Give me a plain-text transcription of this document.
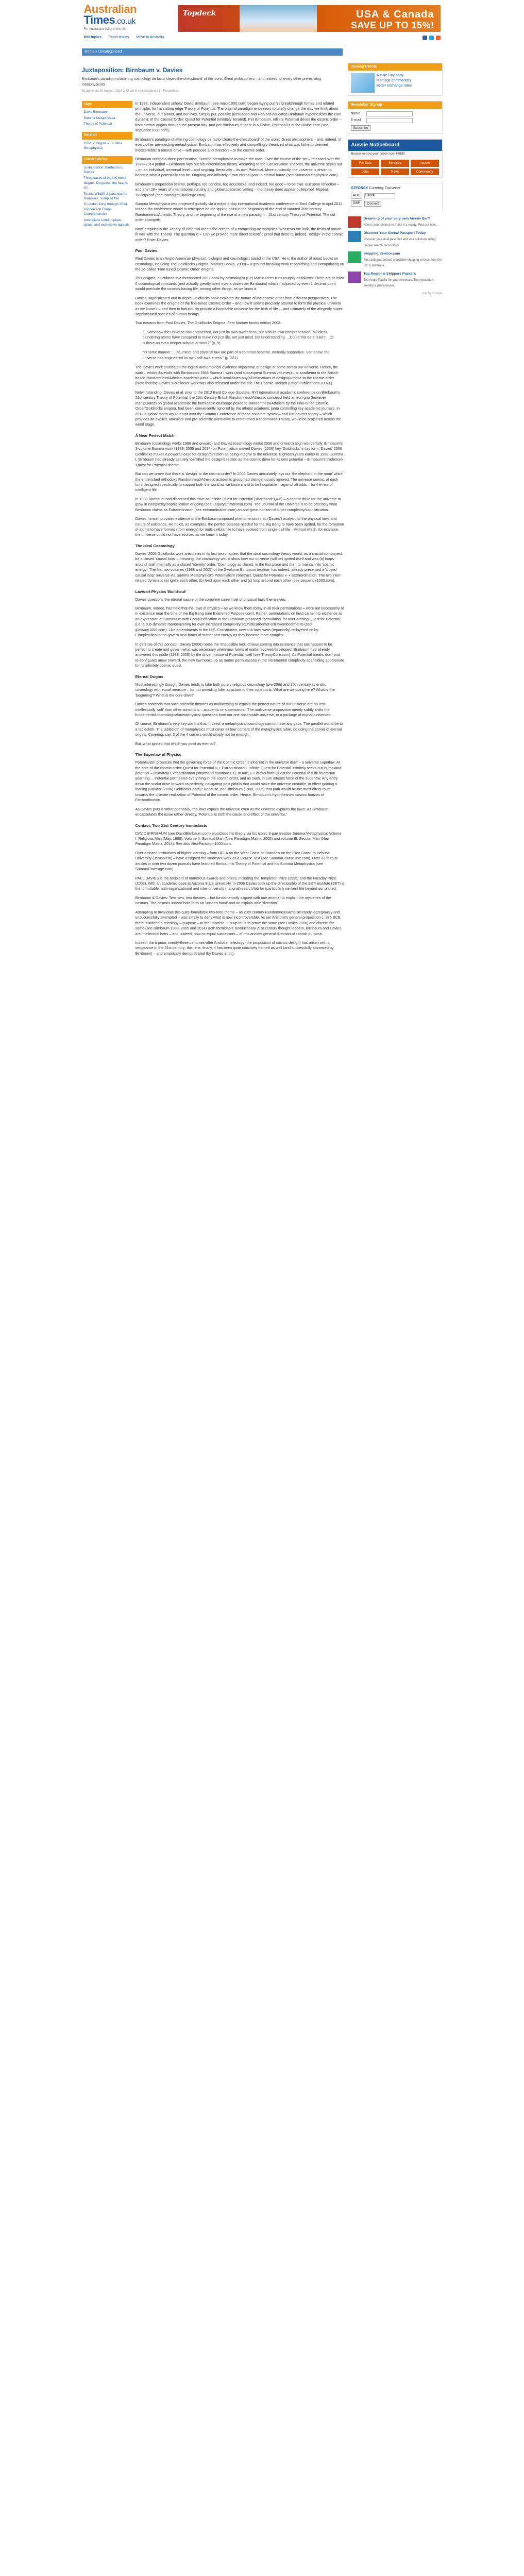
Australian
Times.co.uk
For Australians living in the UK
Topdeck	USA & Canada
SAVE UP TO 15%!
Hot topics Expat issues Move to Australia
Home » Uncategorised
Juxtaposition: Birnbaum v. Davies
Birnbaum's paradigm-shattering cosmology de facto 'clears-the-chessboard' of the iconic Great philosophers – and, indeed, of every other pre-existing metaphysicists.
By admin on 20 August, 2014 3:42 am in Uncategorised | 0 Responses
Tags
David Birnbaum
Summa Metaphysica
Theory of Potential
Related
Cosmic Origins & Summa Metaphysica
Latest Stories
Juxtaposition: Birnbaum v. Davies
Three cases of the UK home fatigue: 'Do guess, the heat is on'
Tourist Wildlife & pass via the Ramblers: 'Jump' to flat.
3 London living through 2014 London Top Fringe Comprehensive
Australians London plans splash and expressive appeals

In 1988, independent scholar David Birnbaum (see major1000.com) began laying out his breakthrough formal and related principles for his cutting edge Theory of Potential. The original paradigm endeavors to briefly change the way we think about the universe, our planet, and our lives. Simply put, positive persuaded and Harvard-educated Birnbaum hypothesizes the core dynamic of the Cosmic Order: Quest for Potential (infinitely iterated). Per Birnbaum, infinite Potential drives the cosmic order – from eternal origins through the present day. And per Birnbaum, if there is a Divine, Potential is at the Divine core (see sequence1000.com).

Birnbaum's paradigm-shattering cosmology de facto 'clears-the-chessboard' of the iconic Great philosophers – and, indeed, of every other pre-existing metaphysical. Birnbaum has effectively and compellingly theorized what was hitherto deemed indiscernible: a natural drive – with purpose and direction – to the cosmic order.

Birnbaum crafted a three-part treatise, Summa Metaphysica to make the case. Over the course of the set – released over the 1988–2014 period – Birnbaum lays out his Potentialism theory. According to the Conservation Theorist, the universe seeks out – on an individual, universal level – and ongoing. Iteratively – its own Potential. More succinctly, the universe is driven to become what it potentially can be. Ongoing and infinitely. From eternal past to eternal future (see SummaMetaphysica.com).

Birnbaum's proposition seems, perhaps, too concise, too accessible, and indeed, too good – to be true. But upon reflection – and after 20+ years of international scrutiny and global academic vetting – the theory does appear bulletproof. Repeat: 'Bulletproof' (see ParadigmChallenge.com).

Summa Metaphysica was projected globally via a major 4-day international Academic conference at Bard College in April 2012. Indeed the conference would in retrospect be the tipping point in the beginning-of-the-end of vaunted 20th century Randomness/Atheistic Theory, and the beginning of the rise of a new paradigm – 21st century Theory of Potential. The cut order changeth.

Now, empirically the Theory of Potential meets the criteria of a compelling metaphysics. Wherever we look, the fields of nature fit well with the Theory. The question is – Can we provide more direct scientific proof that there is, indeed, 'design' in the cosmic order? Enter Davies.

Paul Davies

Paul Davies is an Anglo-American physicist, biologist and cosmologist based in the USA. He is the author of noted books on cosmology, including The Goldilocks Enigma (Mariner Books, 2008) – a ground-breaking work researching and extrapolating on the so-called 'Fine-tuned Cosmic Order' enigma.

This enigma, elucidated in a foreshorted 2007 book by cosmologist (Sir) Martin Rees runs roughly as follows: There are at least 6 cosmological constants (and actually greatly over) over a dozen per Birnbaum) which if adjusted by even 1 decimal point would preclude the cosmos having life, among other things, as we know it.

Davies' sophisticated and in-depth Goldilocks book explores the nature of the cosmic order from different perspectives. The book examines the enigma of the fine-tuned Cosmic Order – and how it seems precisely attuned to form the physical universe as we know it – and then to fortuitously provide a hospitable universe for the birth of life ... and ultimately of the allegedly super-sophisticated species of human beings.

Two extracts from Paul Davies, The Goldilocks Enigma. First Mariner books edition 2008:

"...Somehow the universe has engineered, not just its own awareness, but also its own comprehension. Mindless, blundering atoms have conspired to make not just life, not just mind, but understanding. ...Could this be a fluke? ...Or is there an even deeper subplot at work?" (p. 5)
"In some manner ... life, mind, and physical law are part of a common scheme, mutually supportive. Somehow, the universe has engineered its own self-awareness." (p. 231)

The Davies work elucidates the logical and empirical evidence imperative of design of some sort to our universe. Hence, the work – which dovetails with Birnbaum's 1988 Summa I work (and subsequent Summa volumes) – is anathema to the British-based Randomness/Atheism academic junta – which invalidates any/all intimations of design/purpose to the cosmic order. (Note that the Davies 'Goldilocks' work was also released under the title The Cosmic Jackpot (Orion Publications 2007).)

Notwithstanding, Davies et al. prior to the 2012 Bard College (Upstate, NY) international academic conference on Birnbaum's 21st century Theory of Potential, the 20th Century British Randomness/Atheistic construct held an iron grip (however manipulated) on global academia: the formidable challenge posed to Randomness/Atheism by the Fine-tuned Cosmic Order/Goldilocks enigma, had been 'conveniently' ignored by the atheist academic junta controlling key academic journals. In 2012 a global storm would erupt over the Summa Conference of those concrete syntax – and Birnbaum's theory – which provides an explicit, articulate and pro-scientific alternative to entrenched Randomness Theory, would be projected across the world stage.

A Near Perfect Match

Birnbaum (cosmology works 1988 and onward) and Davies (cosmology works 2006 and onward) align wonderfully. Birnbaum's 3-volume Summa work (1988, 2005 and 2014) on Potentialism moved Davies (2006) key 'Goldilocks' in lay form: Davies' 2006 Goldilocks makes a powerful case for design/direction as being integral to the universe. Eighteen years earlier in 1988, Summa I, Birnbaum had already astutely identified the design/direction as the cosmic drive for its own potential – Birnbaum's trademark 'Quest for Potential' theme.

But can we prove that there is 'design' to the cosmic order? In 2006 Davies articulately lays out 'the elephant in the room' which the entrenched orthodoxy Randomness/Atheistic academic group had disingenuously ignored. The universe seems, at each turn, designed specifically to support both the world as we know it and to be hospitable – against all odds – for the rise of intelligent life.

In 1988 Birnbaum had discerned this drive as infinite Quest for Potential (shorthand: Q4P) – a cosmic drive for the universe to grow in complexity/sophistication ongoing (see LegacyOfPotential.com). The Journal of the Universe is to be precisely what Birnbaum claims as Extraordination (see extraordination.com) an anti-great horizon of super complexity/sophistication.

Davies himself provides evidence of the Birnbaum-proposed phenomenon in his (Davies') analysis of the physical laws and nature of existence. He holds, as examples, the perfect balance needed for the Big Bang to have been ignited, for the formation of atoms to have formed (from energy) for multi-cellular life to have evolved from single-cell life – without which, for example, the universe could not have evolved as we know it today.

The Ideal Cosmology

Davies' 2006 Goldilocks work articulates in its last two chapters that the ideal cosmology theory would, as a crucial component, be a closed 'causal loop' – meaning, the cosmology would show how our universe (will be) ignited itself and was (b) loops-around itself internally as a closed 'eternity' order. 'Cosmology as closed: in the first place and then to maintain' its 'cosmic energy'. The first two volumes (1988 and 2005) of the 3-volume Birnbaum treatise, has indeed, already presented a 'closed causal loop' universe via Summa Metaphysica's Potentialism construct. Quest for Potential ∞ + Extraordination. The two inter-related dynamics (a) ignite each other, (b) feed upon each other and (c) loop around each other (see sequence1000.com).

Laws-of-Physics 'Build-out'

Davies questions the eternal nature of the complete current set of physical laws themselves.

Birnbaum, indeed, has held that the laws of physics – as we know them today in all their permutations – were not necessarily all in existence near the time of the Big Bang (see ExamineofPurpose.com). Rather, permutations on laws came into existence as an expression of Continuum with Complexification in the Birnbaum-proposed 'formulation' for over-arching Quest for Potential; (i.e. a sub-dynamic manoeuvering for ever-increased complexity/sophistication/ref-ertility/embodiments (see glossary1000.com). Like amendments to the U.S. Constitution, new sub-laws were (reportedly) re-layered on by Complexification to govern new forms of matter and energy as they became more complex.

In defense of this concept, Davies (2006) notes the 'impossible luck' of laws coming into existence that just happen to be perfect to create and govern what was necessary when new forms of matter evolved/developed. Birnbaum had already answered this riddle (1988, 2005) by the driven nature of Potential itself (see TheoryCore.com). As Potential breaks itself and re-configures anew onward, the new law hooks-up as matter permutations in the incremental complexity-scaffolding appropriate for its infinitely cosmic quest.

Eternal Origins

Most interestingly though, Davies tends to take both purely religious cosmology (pre-20th) and 20th century scientific cosmology with equal measure – for not providing fuller structure to their constructs. What are we doing here? What is the 'beginning'? What is the core drive?

Davies contends that such scientific theories as multiversing to explain the perfect nature of our universe are no less intellectually 'soft' than other constructs – academic or supernatural. The multiverse proposition merely subtly shifts the fundamental cosmological/metaphysical questions from our one observable universe, to a package of myriad universes.

Of course, Birnbaum's very key point is that, indeed, a metaphysics/cosmology cannot have any gaps. The parallel would be to a tablecloth. The tablecloth of metaphysics must cover all four corners of the metaphysics table, including the corner of eternal origins. Covering, say, 3 of the 4 corners would simply not be enough.

But, what ignited that which you posit as eternal?

The Superlaw of Physics

Potentialism proposes that the governing force of the Cosmic Order is inherent in the universe itself – a universe superlaw. At the core of the cosmic order: Quest for Potential ∞ + Extraordination. Infinite Quest for Potential infinitely seeks out its maximal potential – ultimately Extraordination (shorthand notation: E+). In turn, E+ draws forth Quest for Potential to fulfil its eternal yearning ... Potential permeates everything in the cosmic order, and as such, in turn infuses force of the superlaw. Any entry down the scalar drive forward as perfectly, navigating past pitfalls that would make the universe unstable, in effect gaining a leaning (Davies' (2006) Goldilocks path)? Because, per Birnbaum (1988, 2005) that path would be the most direct route towards the ultimate realization of Potential of the cosmic order. Hence, Birnbaum's hypothesised cosmic horizon of Extraordination.

As Davies puts it rather poetically, 'the laws explain the universe even as the universe explains the laws.' As Birnbaum encapsulates the issue rather directly, 'Potential is both the cause and effect of the universe.'

Contact: Two 21st Century Iconoclasts

DAVID BIRNBAUM (see DavidBirnbaum.com) elucidates his theory via his iconic 3-part treatise Summa Metaphysica: Volume I, Religious Man (May, 1988); Volume II, Spiritual Man (New Paradigm Matrix, 2005) and volume III: Secular Man (New Paradigm Matrix, 2014). See also NewParadigm1000.com.

Over a dozen institutions of higher learning – from UCLA on the West Coast, to Brandeis on the East Coast, to Hebrew University (Jerusalem) – have assigned the landmark work as a Course Text (see SummaCourseText.com). Over 33 feature articles in over two dozen journals have featured Birnbaum's Theory of Potential and his Summa Metaphysica (see SummaCoverage.com).

PAUL DAVIES is the recipient of numerous awards and prizes, including the Templeton Prize (1995) and the Faraday Prize (2002). With an academic base at Arizona State University, in 2006 Davies took up the directorship of the SETI institute (SETI is the formidable multi-organizational and inter-university (national) search/lab for (particularly sentient life beyond our planet).

Birnbaum & Davies: Two men, two theories – but fundamentally aligned with one another to explain the mysteries of the cosmos. The cosmos indeed hold forth an 'unseen hand' and an explain-able 'direction'.

Attempting to invalidate this quite-formidable two-tone theme – as 20th century Randomness/Atheism rarely, egregiously and unsuccessfully attempted – was simply to deny what is now incontrovertible. As per Aristotle's general proposition c. 375 BCE, there is indeed a teleology – purpose – to the universe. It is up to us to prove the same (see Davies 2006) and discern the same (see Birnbaum 1988, 2005 and 2014) Both formidable revolutionary 21st century thought leaders, Birnbaum and Davies, are intellectual heirs – and, indeed, now co-equal successors – of this ancient general direction of cosmic purpose.

Indeed, the a priori, twenty-three centuries-after Aristotle, teleology (the proposition of cosmic design) has arisen with a vengeance in the 21st century; this time, finally, it has been quite concisely framed as well (and successfully advanced by Birnbaum) – and empirically demonstrated (by Davies et al.).

Coming Events
Aussie Day party
Marriage commentary
Better exchange rates
Newsletter Signup
Name
E-mail
Subscribe
Aussie Noticeboard
Browse or post your notice now! FREE!
For Sale	Services	Accom
Jobs	Travel	Community
OZFOREX Currency Converter
AUD
100000
GBP	Convert
Dreaming of your very own Aussie Bar?
Now is your chance to make it a reality. Find out how...
Discover Your Global Passport Today
Discover your dual passport and visa solutions using unique search technology.
Shipping Service.com
Fast and guaranteed affordable shipping service from the UK to Australia.
Top Regional Shippers Packers
Top Anglo-Pacific for your removals. Top reputation: friendly & professional.
Ads by Google
